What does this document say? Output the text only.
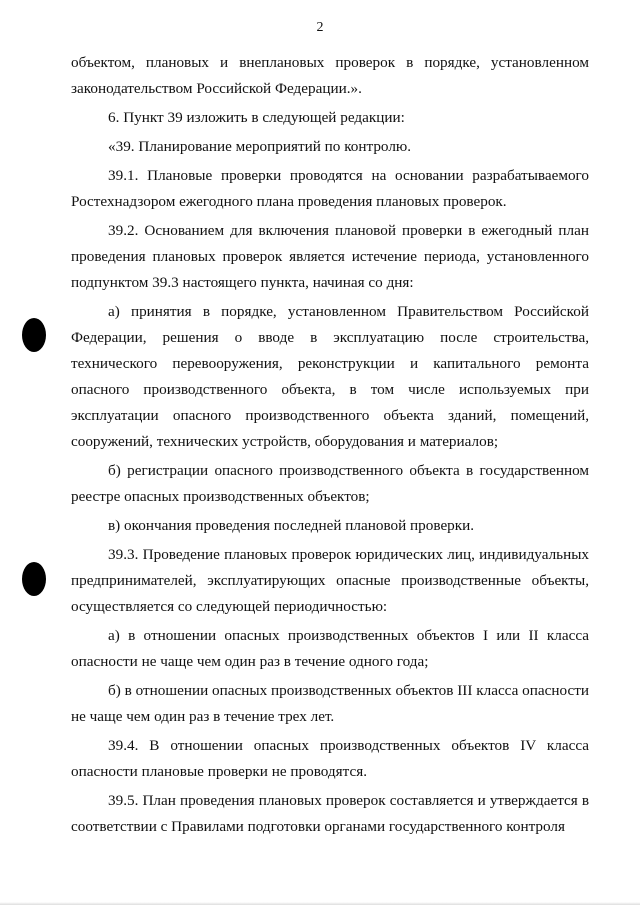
2

объектом, плановых и внеплановых проверок в порядке, установленном законодательством Российской Федерации.».

6. Пункт 39 изложить в следующей редакции:

«39. Планирование мероприятий по контролю.

39.1. Плановые проверки проводятся на основании разрабатываемого Ростехнадзором ежегодного плана проведения плановых проверок.

39.2. Основанием для включения плановой проверки в ежегодный план проведения плановых проверок является истечение периода, установленного подпунктом 39.3 настоящего пункта, начиная со дня:

а) принятия в порядке, установленном Правительством Российской Федерации, решения о вводе в эксплуатацию после строительства, технического перевооружения, реконструкции и капитального ремонта опасного производственного объекта, в том числе используемых при эксплуатации опасного производственного объекта зданий, помещений, сооружений, технических устройств, оборудования и материалов;

б) регистрации опасного производственного объекта в государственном реестре опасных производственных объектов;

в) окончания проведения последней плановой проверки.

39.3. Проведение плановых проверок юридических лиц, индивидуальных предпринимателей, эксплуатирующих опасные производственные объекты, осуществляется со следующей периодичностью:

а) в отношении опасных производственных объектов I или II класса опасности не чаще чем один раз в течение одного года;

б) в отношении опасных производственных объектов III класса опасности не чаще чем один раз в течение трех лет.

39.4. В отношении опасных производственных объектов IV класса опасности плановые проверки не проводятся.

39.5. План проведения плановых проверок составляется и утверждается в соответствии с Правилами подготовки органами государственного контроля
